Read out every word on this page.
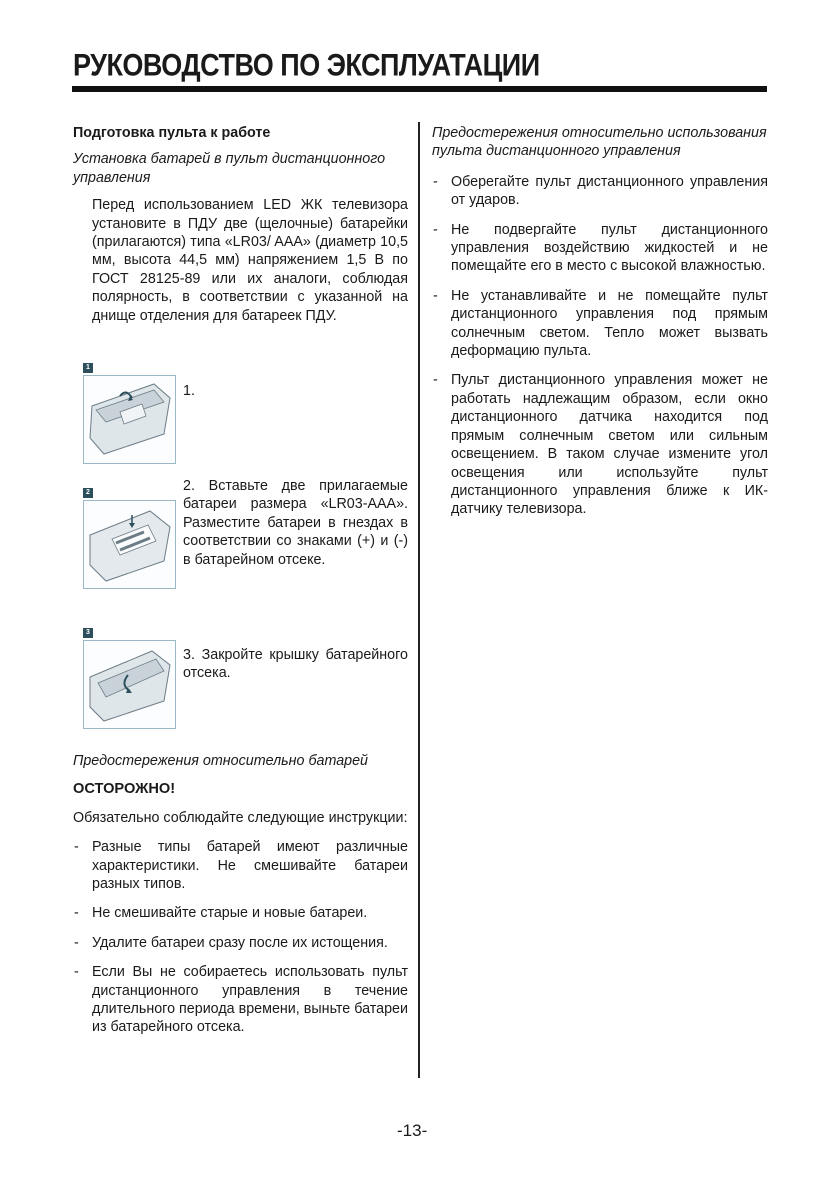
РУКОВОДСТВО ПО ЭКСПЛУАТАЦИИ

Подготовка пульта к работе

Установка батарей в пульт дистанционного управления

Перед использованием LED ЖК телевизора установите в ПДУ две (щелочные) батарейки (прилагаются) типа «LR03/ AAA» (диаметр 10,5 мм, высота 44,5 мм) напряжением 1,5 В по ГОСТ 28125-89 или их аналоги, соблюдая полярность, в соответствии с указанной на днище отделения для батареек ПДУ.

1
1.
2	2. Вставьте две прилагаемые батареи размера «LR03-AAA». Разместите батареи в гнездах в соответствии со знаками (+) и (-) в батарейном отсеке.
3
3. Закройте крышку батарейного отсека.

Предостережения относительно батарей

ОСТОРОЖНО!

Обязательно соблюдайте следующие инструкции:

- Разные типы батарей имеют различные характеристики. Не смешивайте батареи разных типов.
- Не смешивайте старые и новые батареи.
- Удалите батареи сразу после их истощения.
- Если Вы не собираетесь использовать пульт дистанционного управления в течение длительного периода времени, выньте батареи из батарейного отсека.

Предостережения относительно использования пульта дистанционного управления

- Оберегайте пульт дистанционного управления от ударов.
- Не подвергайте пульт дистанционного управления воздействию жидкостей и не помещайте его в место с высокой влажностью.
- Не устанавливайте и не помещайте пульт дистанционного управления под прямым солнечным светом. Тепло может вызвать деформацию пульта.
- Пульт дистанционного управления может не работать надлежащим образом, если окно дистанционного датчика находится под прямым солнечным светом или сильным освещением. В таком случае измените угол освещения или используйте пульт дистанционного управления ближе к ИК- датчику телевизора.
-13-
